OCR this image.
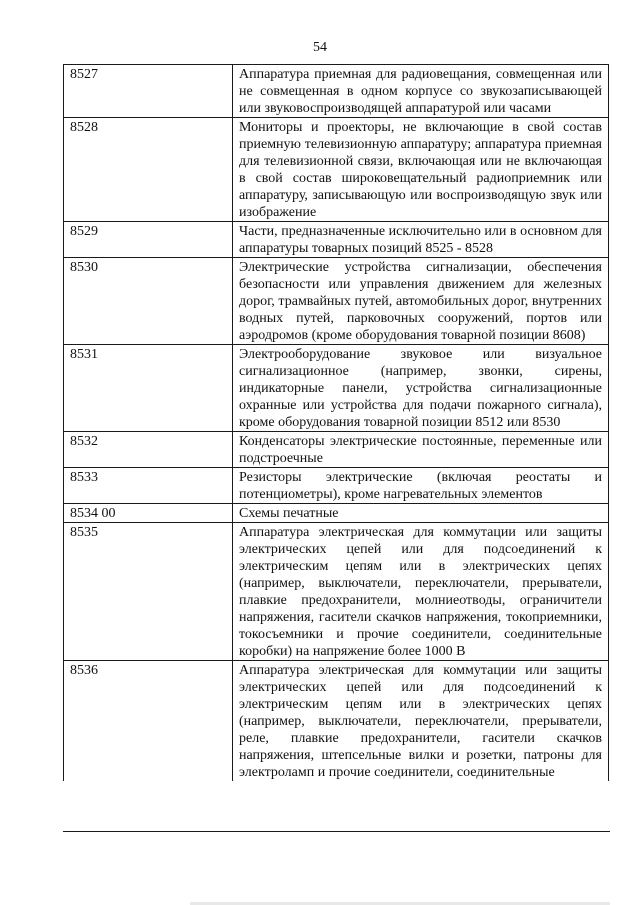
54
8527	Аппаратура приемная для радиовещания, совмещенная или не совмещенная в одном корпусе со звукозаписывающей или звуковоспроизводящей аппаратурой или часами
8528	Мониторы и проекторы, не включающие в свой состав приемную телевизионную аппаратуру; аппаратура приемная для телевизионной связи, включающая или не включающая в свой состав широковещательный радиоприемник или аппаратуру, записывающую или воспроизводящую звук или изображение
8529	Части, предназначенные исключительно или в основном для аппаратуры товарных позиций 8525 - 8528
8530	Электрические устройства сигнализации, обеспечения безопасности или управления движением для железных дорог, трамвайных путей, автомобильных дорог, внутренних водных путей, парковочных сооружений, портов или аэродромов (кроме оборудования товарной позиции 8608)
8531	Электрооборудование звуковое или визуальное сигнализационное (например, звонки, сирены, индикаторные панели, устройства сигнализационные охранные или устройства для подачи пожарного сигнала), кроме оборудования товарной позиции 8512 или 8530
8532	Конденсаторы электрические постоянные, переменные или подстроечные
8533	Резисторы электрические (включая реостаты и потенциометры), кроме нагревательных элементов
8534 00	Схемы печатные
8535	Аппаратура электрическая для коммутации или защиты электрических цепей или для подсоединений к электрическим цепям или в электрических цепях (например, выключатели, переключатели, прерыватели, плавкие предохранители, молниеотводы, ограничители напряжения, гасители скачков напряжения, токоприемники, токосъемники и прочие соединители, соединительные коробки) на напряжение более 1000 В
8536	Аппаратура электрическая для коммутации или защиты электрических цепей или для подсоединений к электрическим цепям или в электрических цепях (например, выключатели, переключатели, прерыватели, реле, плавкие предохранители, гасители скачков напряжения, штепсельные вилки и розетки, патроны для электроламп и прочие соединители, соединительные
